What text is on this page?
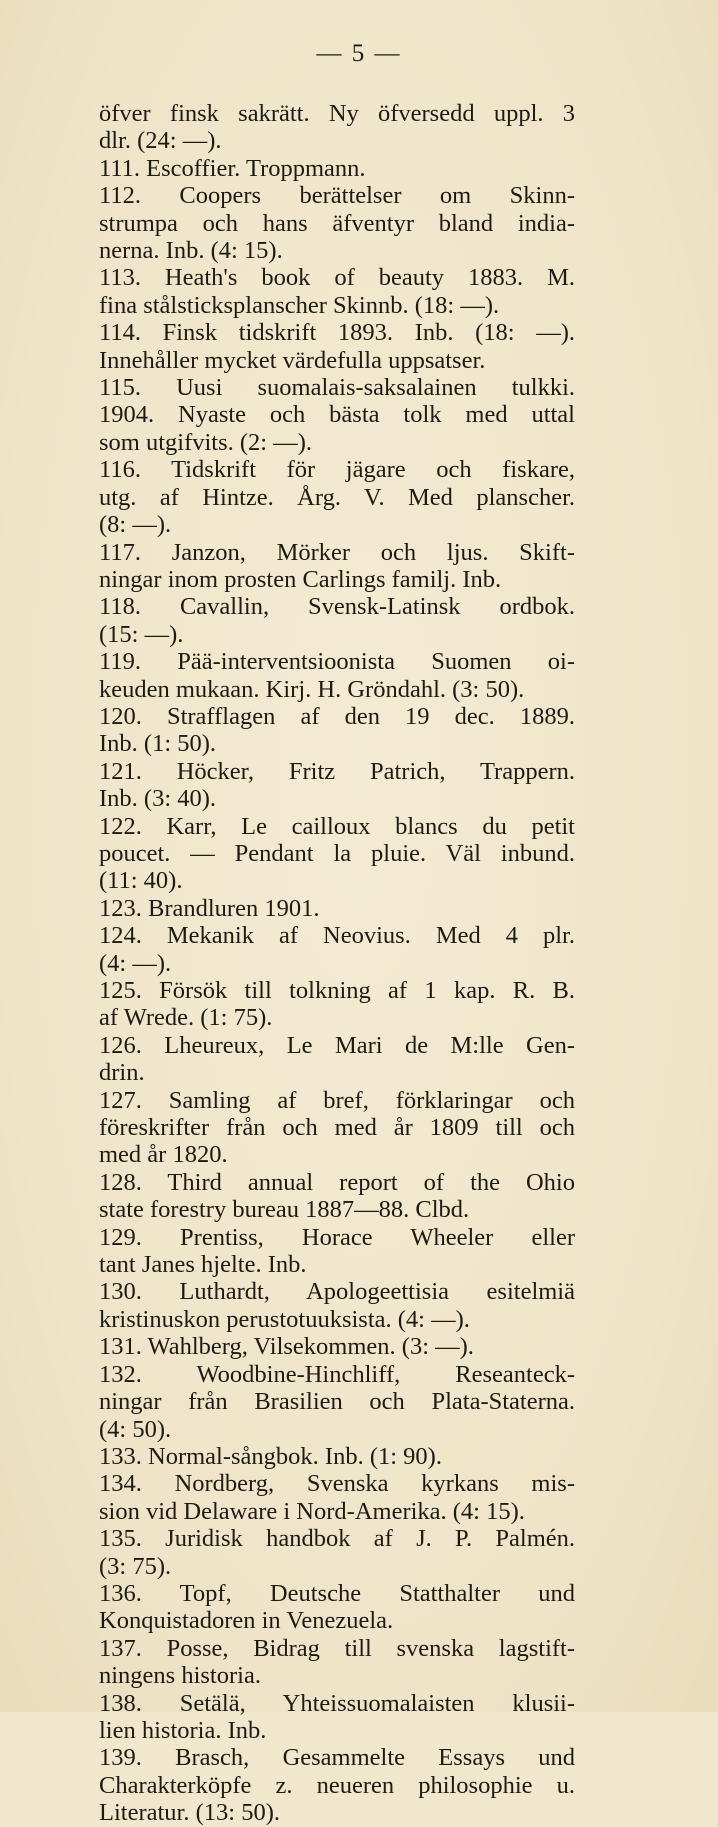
— 5 —
öfver finsk sakrätt. Ny öfversedd uppl. 3
dlr. (24: —).
111. Escoffier. Troppmann.
112. Coopers berättelser om Skinn-
strumpa och hans äfventyr bland india-
nerna. Inb. (4: 15).
113. Heath's book of beauty 1883. M.
fina stålsticksplanscher Skinnb. (18: —).
114. Finsk tidskrift 1893. Inb. (18: —).
Innehåller mycket värdefulla uppsatser.
115. Uusi suomalais-saksalainen tulkki.
1904. Nyaste och bästa tolk med uttal
som utgifvits. (2: —).
116. Tidskrift för jägare och fiskare,
utg. af Hintze. Årg. V. Med planscher.
(8: —).
117. Janzon, Mörker och ljus. Skift-
ningar inom prosten Carlings familj. Inb.
118. Cavallin, Svensk-Latinsk ordbok.
(15: —).
119. Pää-interventsioonista Suomen oi-
keuden mukaan. Kirj. H. Gröndahl. (3: 50).
120. Strafflagen af den 19 dec. 1889.
Inb. (1: 50).
121. Höcker, Fritz Patrich, Trappern.
Inb. (3: 40).
122. Karr, Le cailloux blancs du petit
poucet. — Pendant la pluie. Väl inbund.
(11: 40).
123. Brandluren 1901.
124. Mekanik af Neovius. Med 4 plr.
(4: —).
125. Försök till tolkning af 1 kap. R. B.
af Wrede. (1: 75).
126. Lheureux, Le Mari de M:lle Gen-
drin.
127. Samling af bref, förklaringar och
föreskrifter från och med år 1809 till och
med år 1820.
128. Third annual report of the Ohio
state forestry bureau 1887—88. Clbd.
129. Prentiss, Horace Wheeler eller
tant Janes hjelte. Inb.
130. Luthardt, Apologeettisia esitelmiä
kristinuskon perustotuuksista. (4: —).
131. Wahlberg, Vilsekommen. (3: —).
132. Woodbine-Hinchliff, Reseanteck-
ningar från Brasilien och Plata-Staterna.
(4: 50).
133. Normal-sångbok. Inb. (1: 90).
134. Nordberg, Svenska kyrkans mis-
sion vid Delaware i Nord-Amerika. (4: 15).
135. Juridisk handbok af J. P. Palmén.
(3: 75).
136. Topf, Deutsche Statthalter und
Konquistadoren in Venezuela.
137. Posse, Bidrag till svenska lagstift-
ningens historia.
138. Setälä, Yhteissuomalaisten klusii-
lien historia. Inb.
139. Brasch, Gesammelte Essays und
Charakterköpfe z. neueren philosophie u.
Literatur. (13: 50).
